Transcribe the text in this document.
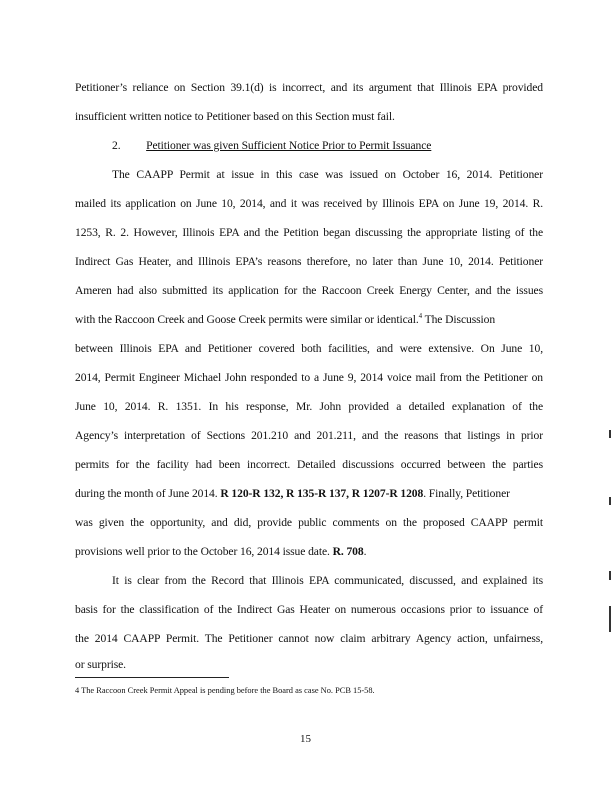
Petitioner’s reliance on Section 39.1(d) is incorrect, and its argument that Illinois EPA provided
insufficient written notice to Petitioner based on this Section must fail.
2. Petitioner was given Sufficient Notice Prior to Permit Issuance
The CAAPP Permit at issue in this case was issued on October 16, 2014. Petitioner
mailed its application on June 10, 2014, and it was received by Illinois EPA on June 19, 2014. R.
1253, R. 2. However, Illinois EPA and the Petition began discussing the appropriate listing of the
Indirect Gas Heater, and Illinois EPA’s reasons therefore, no later than June 10, 2014. Petitioner
Ameren had also submitted its application for the Raccoon Creek Energy Center, and the issues
with the Raccoon Creek and Goose Creek permits were similar or identical.$^4$ The Discussion
between Illinois EPA and Petitioner covered both facilities, and were extensive. On June 10,
2014, Permit Engineer Michael John responded to a June 9, 2014 voice mail from the Petitioner on
June 10, 2014. R. 1351. In his response, Mr. John provided a detailed explanation of the
Agency’s interpretation of Sections 201.210 and 201.211, and the reasons that listings in prior
permits for the facility had been incorrect. Detailed discussions occurred between the parties
during the month of June 2014. R 120-R 132, R 135-R 137, R 1207-R 1208. Finally, Petitioner
was given the opportunity, and did, provide public comments on the proposed CAAPP permit
provisions well prior to the October 16, 2014 issue date. R. 708.
It is clear from the Record that Illinois EPA communicated, discussed, and explained its
basis for the classification of the Indirect Gas Heater on numerous occasions prior to issuance of
the 2014 CAAPP Permit. The Petitioner cannot now claim arbitrary Agency action, unfairness,
or surprise.
4 The Raccoon Creek Permit Appeal is pending before the Board as case No. PCB 15-58.
15
